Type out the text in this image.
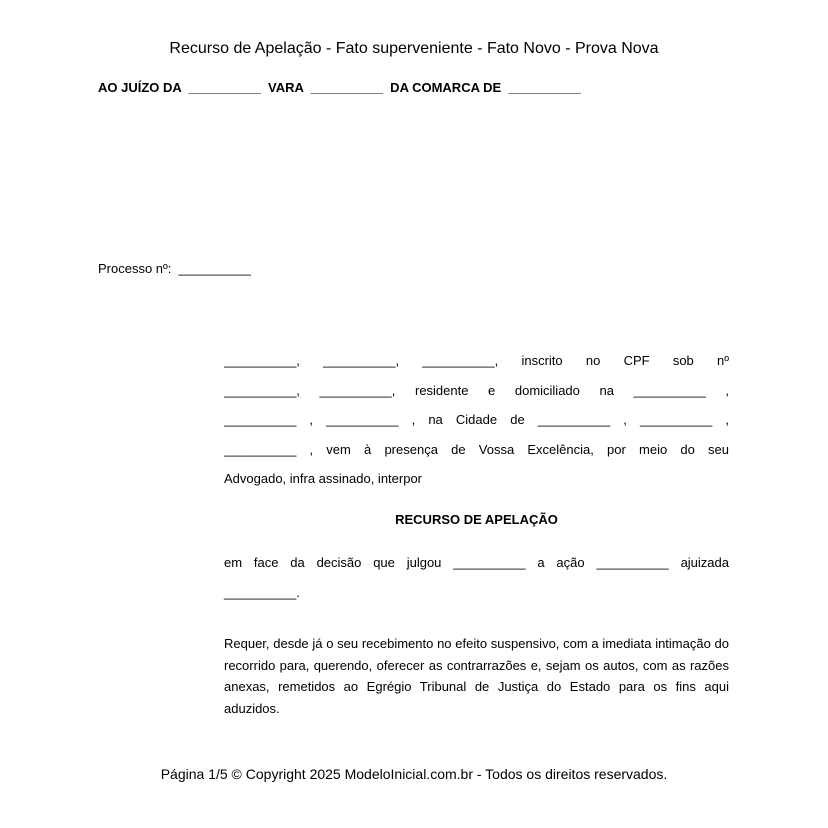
Recurso de Apelação - Fato superveniente - Fato Novo - Prova Nova
AO JUÍZO DA  __________  VARA  __________  DA COMARCA DE  __________
Processo nº:  __________
__________, __________, __________, inscrito no CPF sob nº
__________, __________, residente e domiciliado na __________ ,
__________ , __________ , na Cidade de __________ , __________ ,
__________ , vem à presença de Vossa Excelência, por meio do seu
Advogado, infra assinado, interpor
RECURSO DE APELAÇÃO
em face da decisão que julgou __________ a ação __________ ajuizada
__________.
Requer, desde já o seu recebimento no efeito suspensivo, com a imediata intimação do recorrido para, querendo, oferecer as contrarrazões e, sejam os autos, com as razões anexas, remetidos ao Egrégio Tribunal de Justiça do Estado para os fins aqui aduzidos.
Página 1/5 © Copyright 2025 ModeloInicial.com.br - Todos os direitos reservados.
